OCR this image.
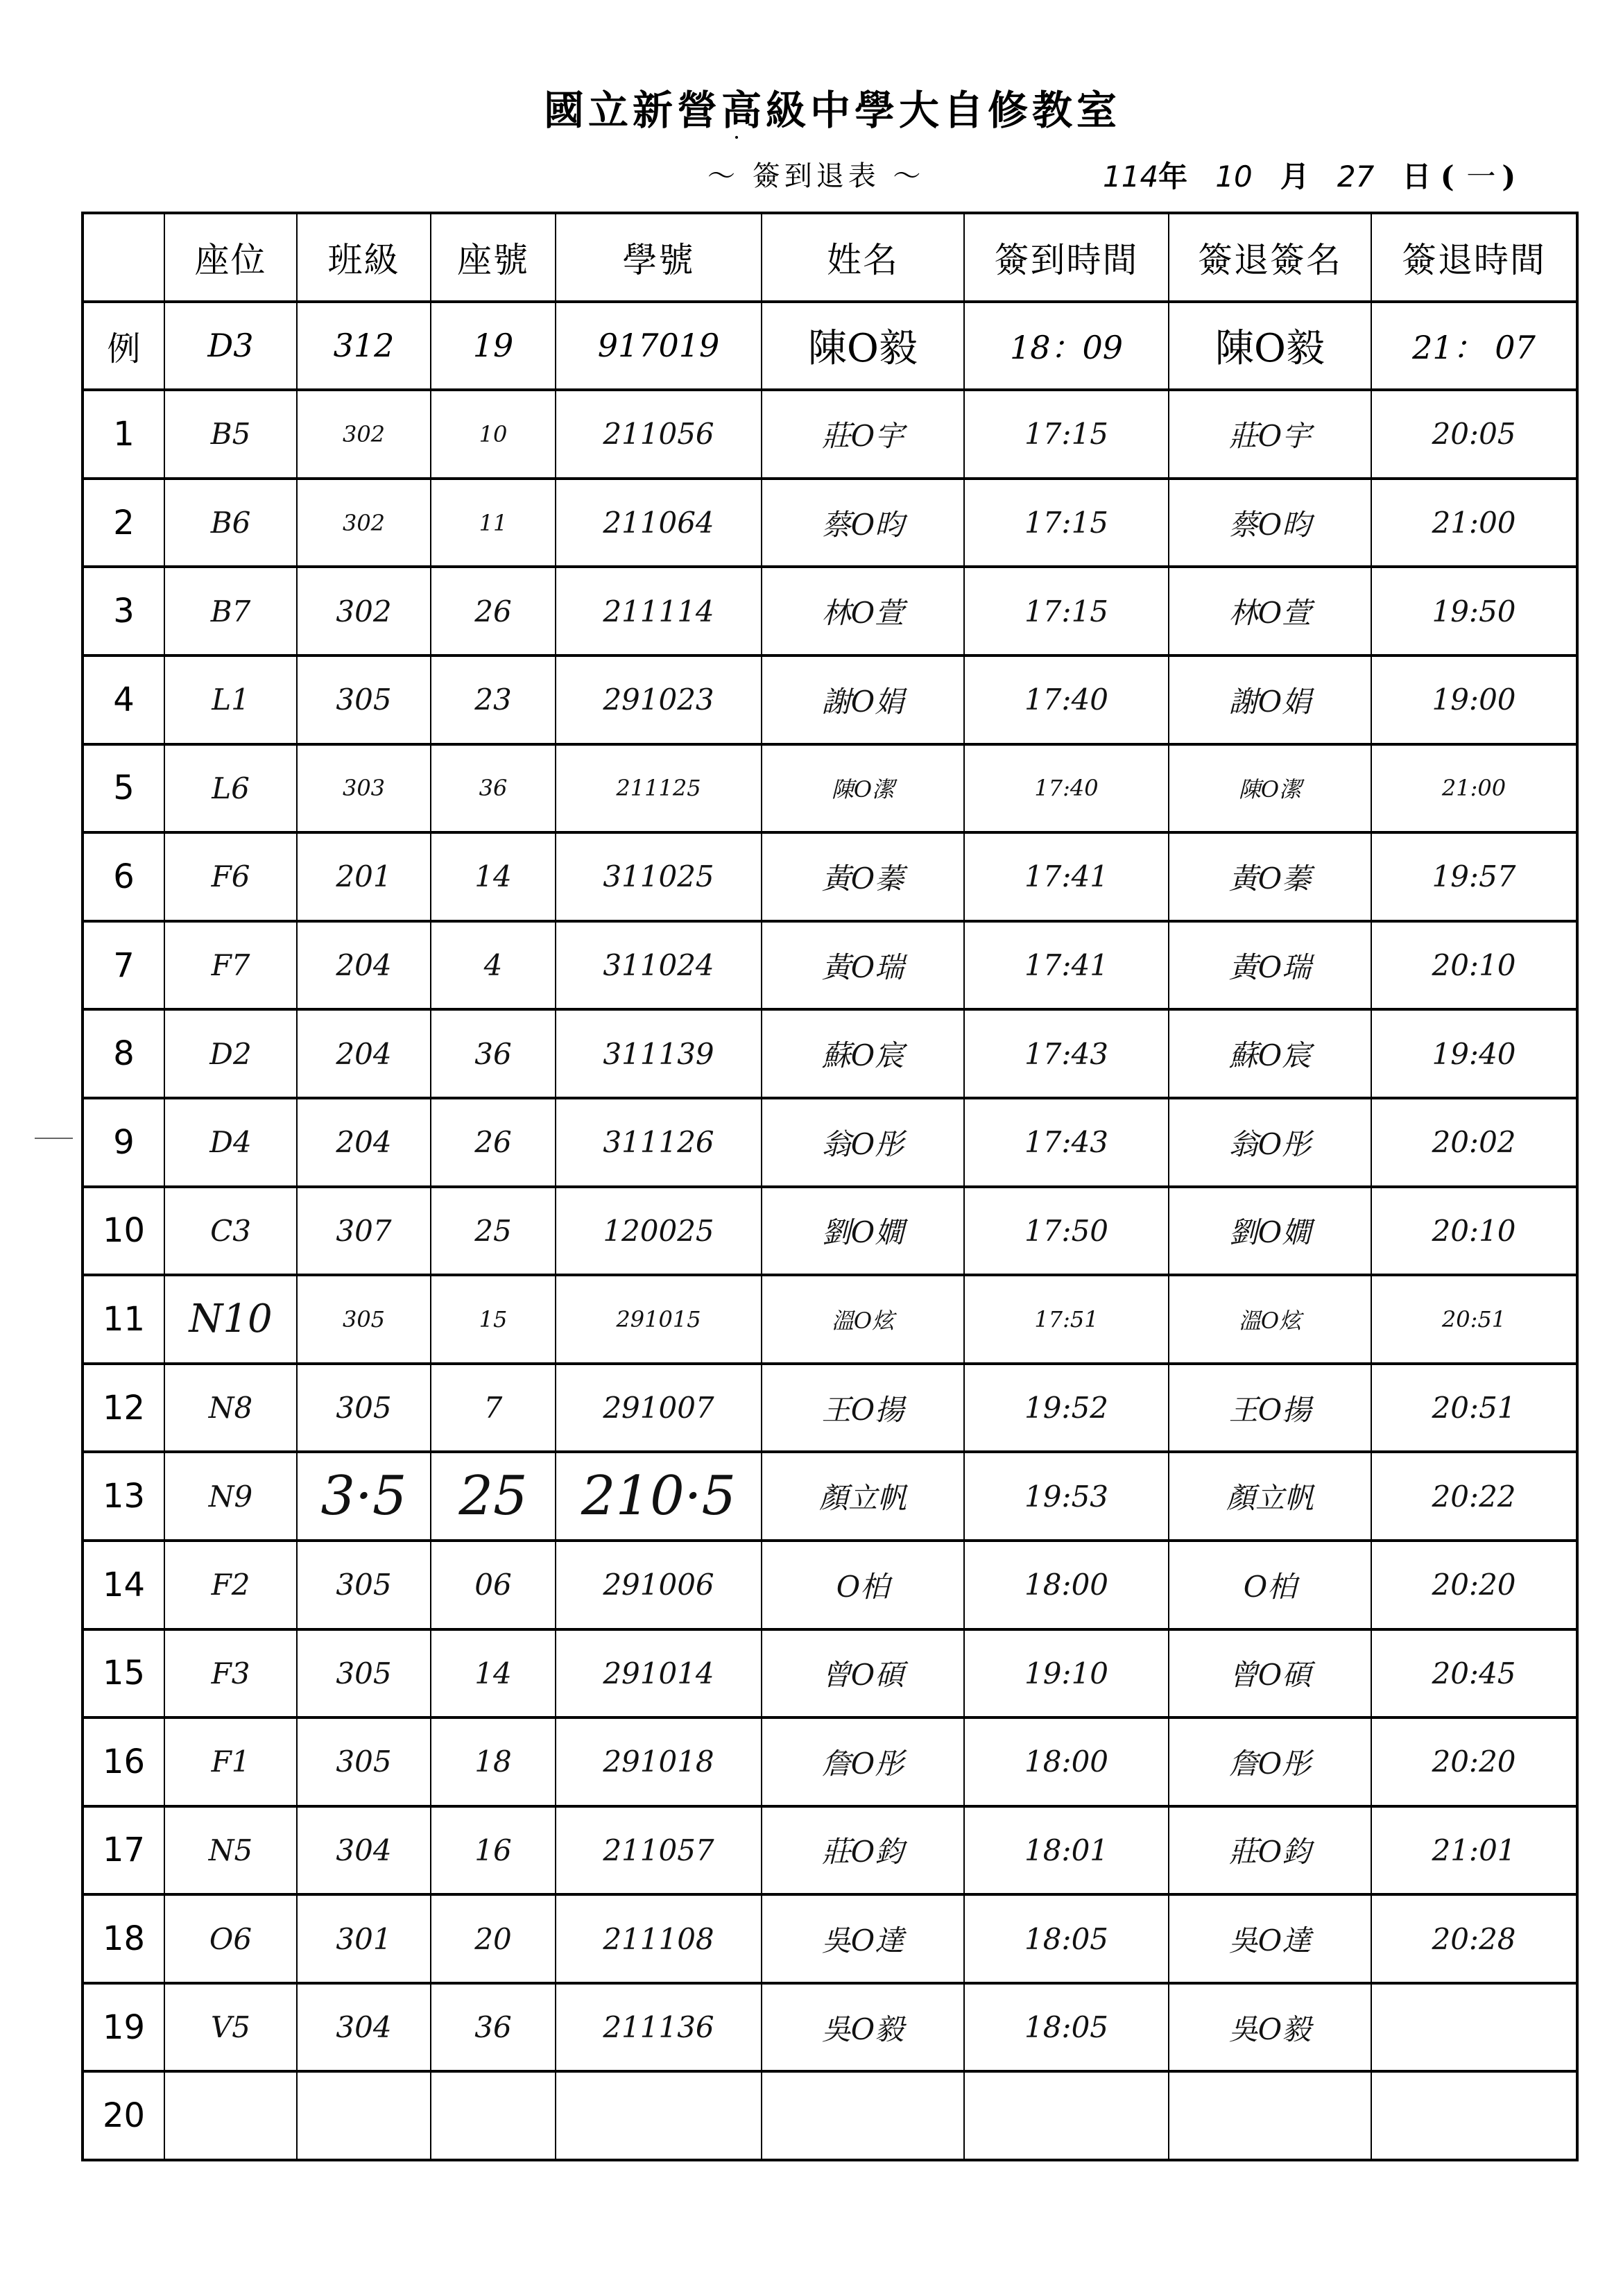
國立新營高級中學大自修教室
～ 簽到退表 ～	114年 10 月 27 日 ( 一 )
	座位	班級	座號	學號	姓名	簽到時間	簽退簽名	簽退時間
例	D3	312	19	917019	陳O毅	18：09	陳O毅	21： 07
1	B5	302	10	211056	莊O宇	17:15	莊O宇	20:05
2	B6	302	11	211064	蔡O昀	17:15	蔡O昀	21:00
3	B7	302	26	211114	林O萱	17:15	林O萱	19:50
4	L1	305	23	291023	謝O娟	17:40	謝O娟	19:00
5	L6	303	36	211125	陳O潔	17:40	陳O潔	21:00
6	F6	201	14	311025	黃O蓁	17:41	黃O蓁	19:57
7	F7	204	4	311024	黃O瑞	17:41	黃O瑞	20:10
8	D2	204	36	311139	蘇O宸	17:43	蘇O宸	19:40
9	D4	204	26	311126	翁O彤	17:43	翁O彤	20:02
10	C3	307	25	120025	劉O嫺	17:50	劉O嫺	20:10
11	N10	305	15	291015	溫O炫	17:51	溫O炫	20:51
12	N8	305	7	291007	王O揚	19:52	王O揚	20:51
13	N9	3·5	25	210·5	顏立帆	19:53	顏立帆	20:22
14	F2	305	06	291006	O柏	18:00	O柏	20:20
15	F3	305	14	291014	曾O碩	19:10	曾O碩	20:45
16	F1	305	18	291018	詹O彤	18:00	詹O彤	20:20
17	N5	304	16	211057	莊O鈞	18:01	莊O鈞	21:01
18	O6	301	20	211108	吳O達	18:05	吳O達	20:28
19	V5	304	36	211136	吳O毅	18:05	吳O毅	
20								
